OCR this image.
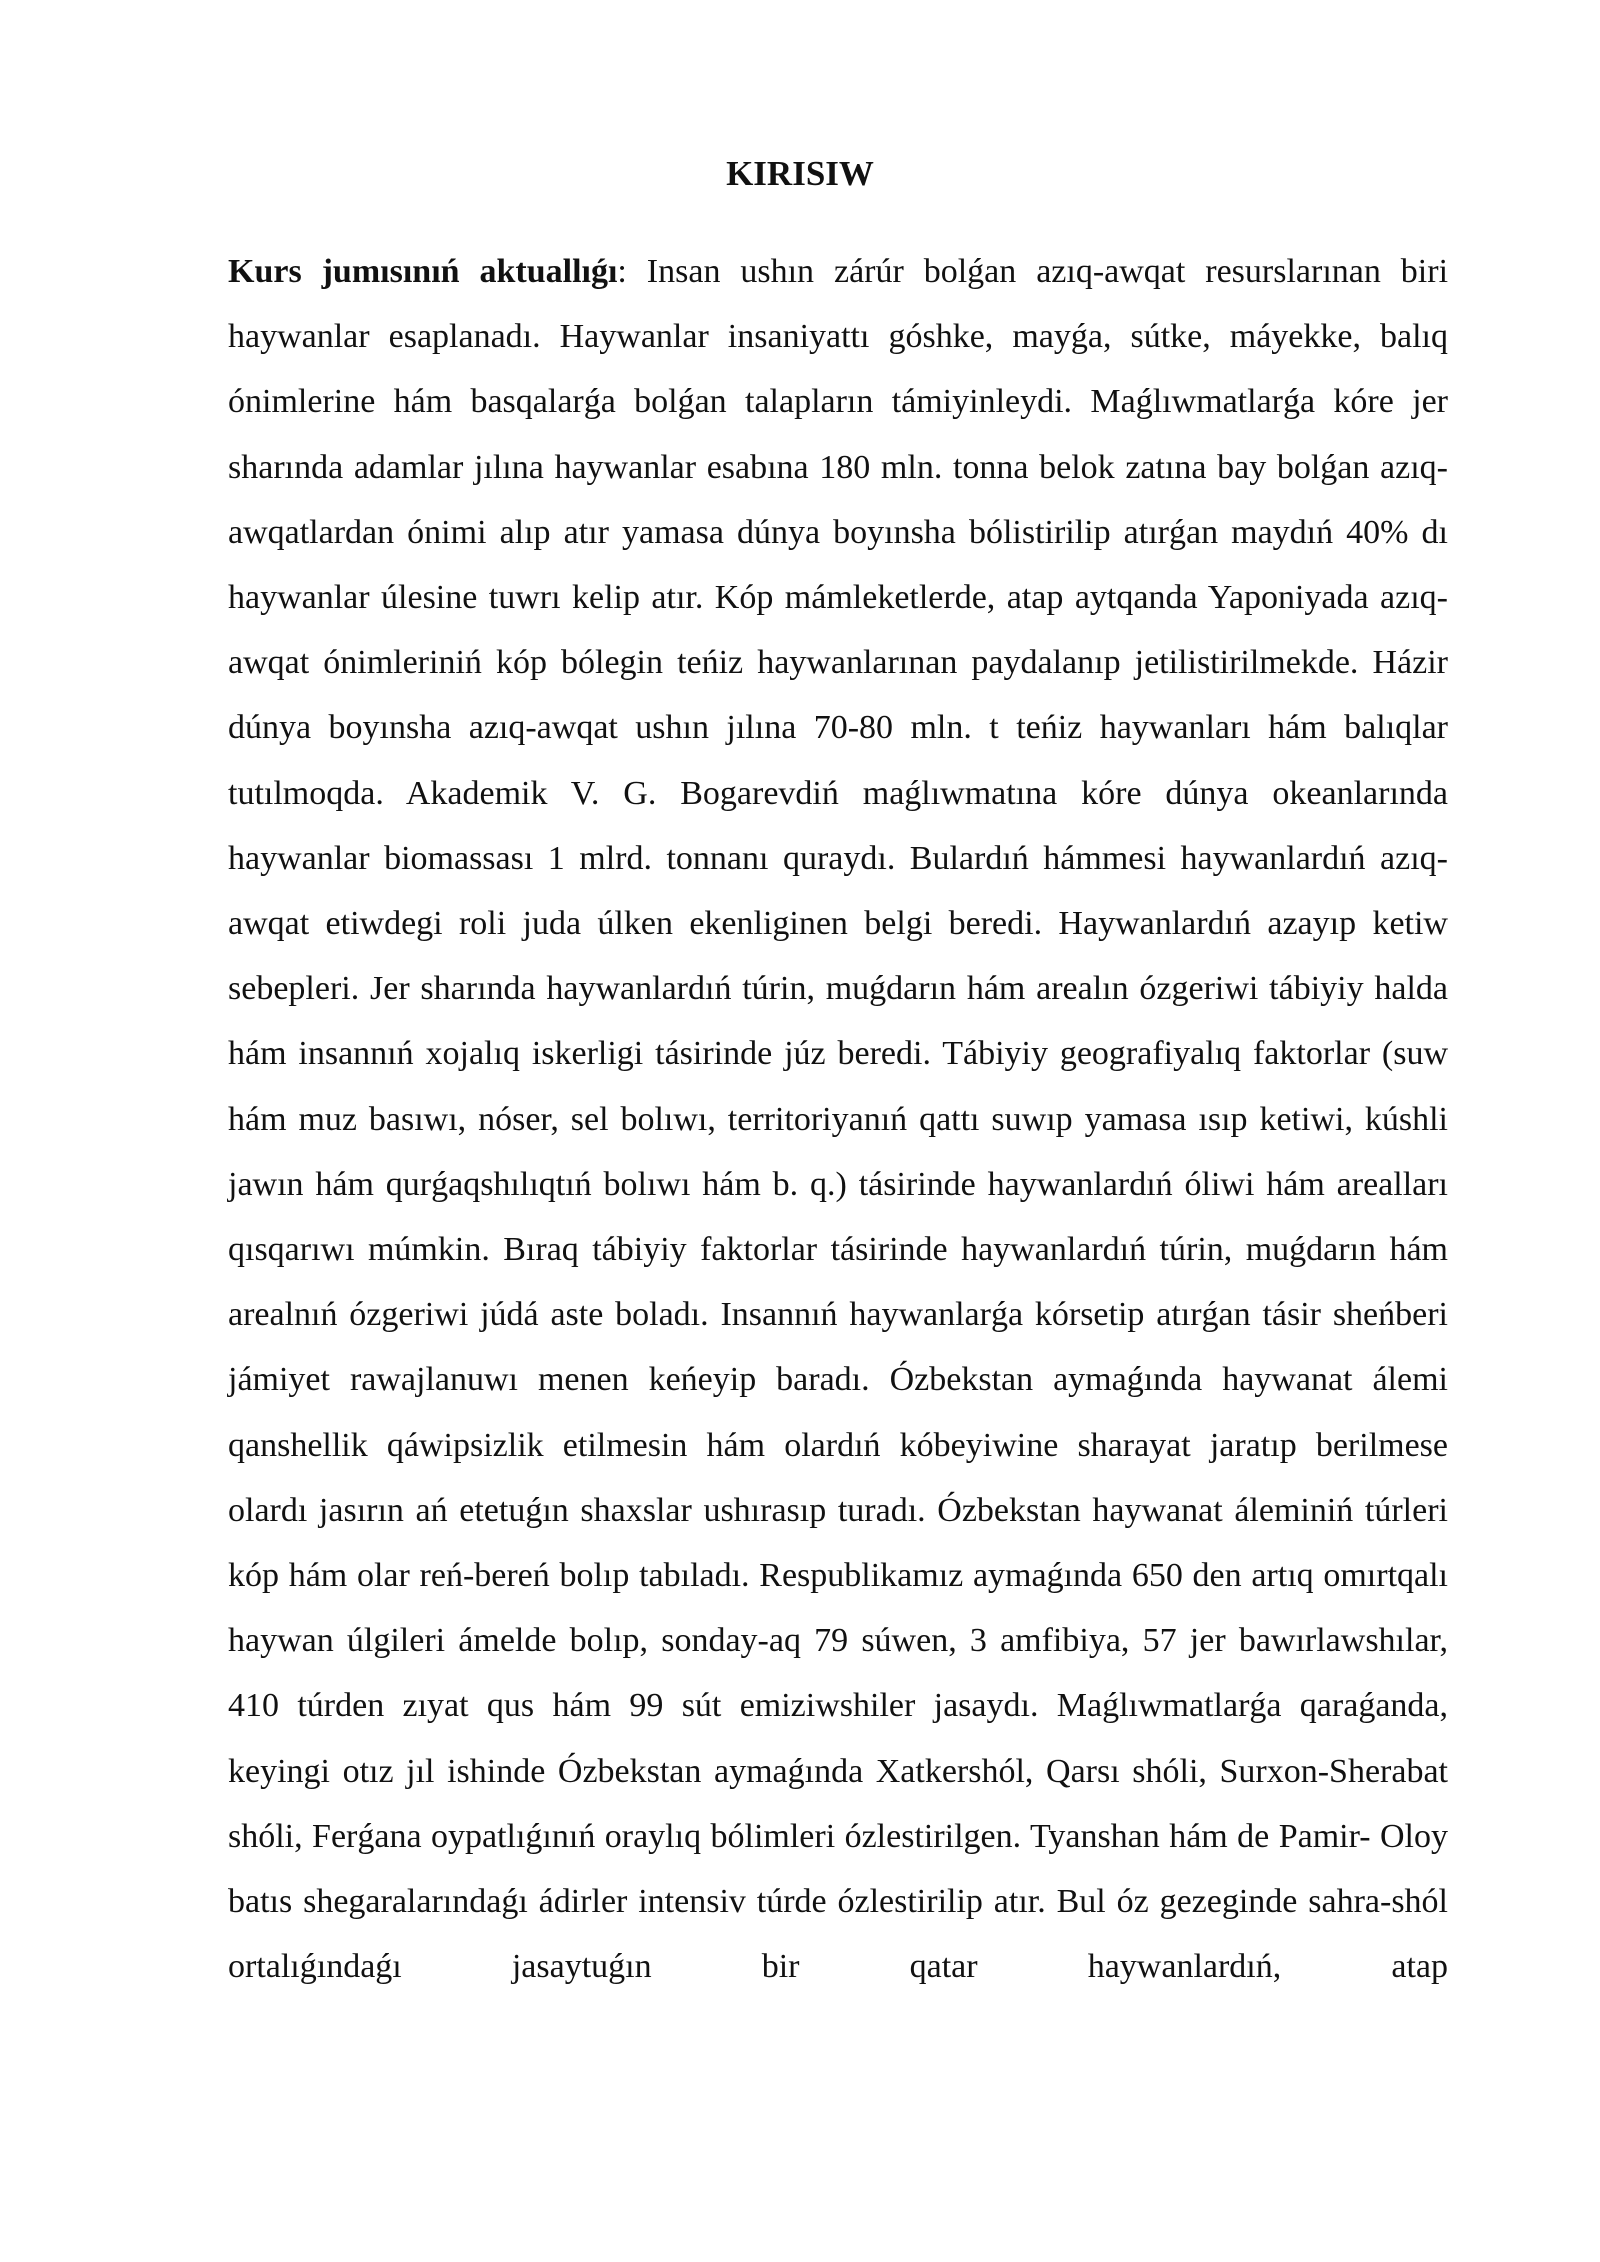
KIRISIW

Kurs jumısınıń aktuallıǵı: Insan ushın zárúr bolǵan azıq-awqat resurslarınan biri haywanlar esaplanadı. Haywanlar insaniyattı góshke, mayǵa, sútke, máyekke, balıq ónimlerine hám basqalarǵa bolǵan talapların támiyinleydi. Maǵlıwmatlarǵa kóre jer sharında adamlar jılına haywanlar esabına 180 mln. tonna belok zatına bay bolǵan azıq-awqatlardan ónimi alıp atır yamasa dúnya boyınsha bólistirilip atırǵan maydıń 40% dı haywanlar úlesine tuwrı kelip atır. Kóp mámleketlerde, atap aytqanda Yaponiyada azıq-awqat ónimleriniń kóp bólegin teńiz haywanlarınan paydalanıp jetilistirilmekde. Házir dúnya boyınsha azıq-awqat ushın jılına 70-80 mln. t teńiz haywanları hám balıqlar tutılmoqda. Akademik V. G. Bogarevdiń maǵlıwmatına kóre dúnya okeanlarında haywanlar biomassası 1 mlrd. tonnanı quraydı. Bulardıń hámmesi haywanlardıń azıq-awqat etiwdegi roli juda úlken ekenliginen belgi beredi. Haywanlardıń azayıp ketiw sebepleri. Jer sharında haywanlardıń túrin, muǵdarın hám arealın ózgeriwi tábiyiy halda hám insannıń xojalıq iskerligi tásirinde júz beredi. Tábiyiy geografiyalıq faktorlar (suw hám muz basıwı, nóser, sel bolıwı, territoriyanıń qattı suwıp yamasa ısıp ketiwi, kúshli jawın hám qurǵaqshılıqtıń bolıwı hám b. q.) tásirinde haywanlardıń óliwi hám arealları qısqarıwı múmkin. Bıraq tábiyiy faktorlar tásirinde haywanlardıń túrin, muǵdarın hám arealnıń ózgeriwi júdá aste boladı. Insannıń haywanlarǵa kórsetip atırǵan tásir sheńberi jámiyet rawajlanuwı menen keńeyip baradı. Ózbekstan aymaǵında haywanat álemi qanshellik qáwipsizlik etilmesin hám olardıń kóbeyiwine sharayat jaratıp berilmese olardı jasırın ań etetuǵın shaxslar ushırasıp turadı. Ózbekstan haywanat áleminiń túrleri kóp hám olar reń-bereń bolıp tabıladı. Respublikamız aymaǵında 650 den artıq omırtqalı haywan úlgileri ámelde bolıp, sonday-aq 79 súwen, 3 amfibiya, 57 jer bawırlawshılar, 410 túrden zıyat qus hám 99 sút emiziwshiler jasaydı. Maǵlıwmatlarǵa qaraǵanda, keyingi otız jıl ishinde Ózbekstan aymaǵında Xatkershól, Qarsı shóli, Surxon-Sherabat shóli, Ferǵana oypatlıǵınıń oraylıq bólimleri ózlestirilgen. Tyanshan hám de Pamir- Oloy batıs shegaralarındaǵı ádirler intensiv túrde ózlestirilip atır. Bul óz gezeginde sahra-shól ortalıǵındaǵı jasaytuǵın bir qatar haywanlardıń, atap
